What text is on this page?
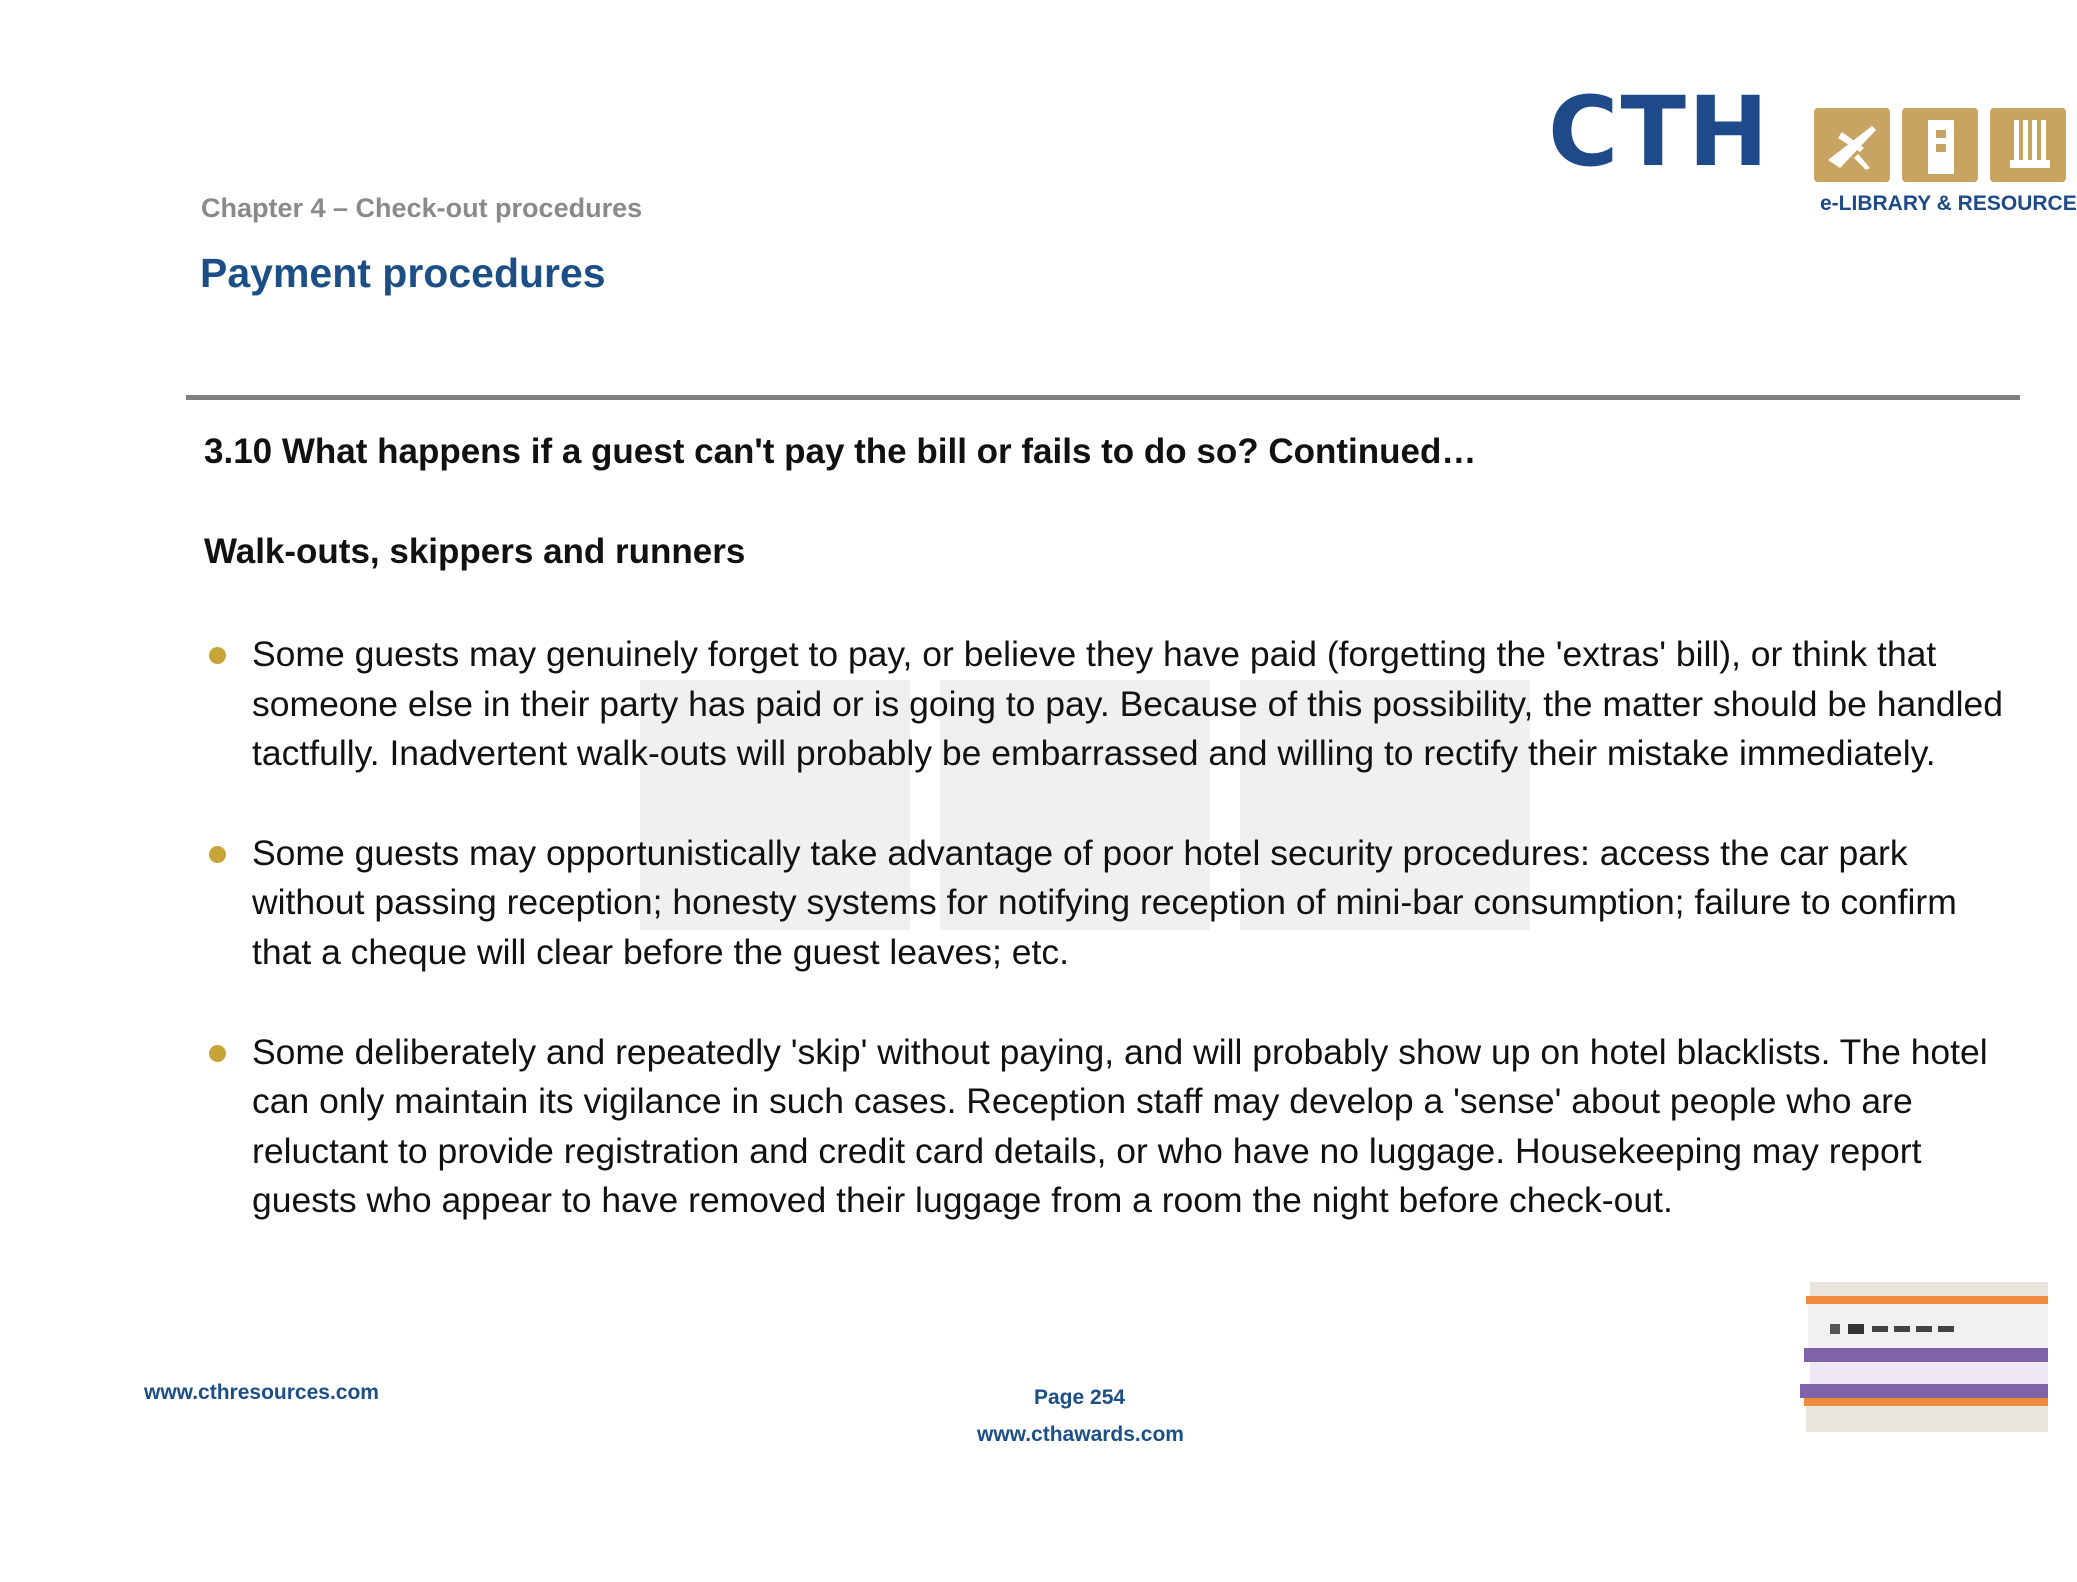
CTH
e-LIBRARY & RESOURCE
Chapter 4 – Check-out procedures
Payment procedures
3.10 What happens if a guest can't pay the bill or fails to do so? Continued…
Walk-outs, skippers and runners
Some guests may genuinely forget to pay, or believe they have paid (forgetting the 'extras' bill), or think that someone else in their party has paid or is going to pay. Because of this possibility, the matter should be handled tactfully. Inadvertent walk-outs will probably be embarrassed and willing to rectify their mistake immediately.
Some guests may opportunistically take advantage of poor hotel security procedures: access the car park without passing reception; honesty systems for notifying reception of mini-bar consumption; failure to confirm that a cheque will clear before the guest leaves; etc.
Some deliberately and repeatedly 'skip' without paying, and will probably show up on hotel blacklists. The hotel can only maintain its vigilance in such cases. Reception staff may develop a 'sense' about people who are reluctant to provide registration and credit card details, or who have no luggage. Housekeeping may report guests who appear to have removed their luggage from a room the night before check-out.
www.cthresources.com	Page 254
www.cthawards.com
